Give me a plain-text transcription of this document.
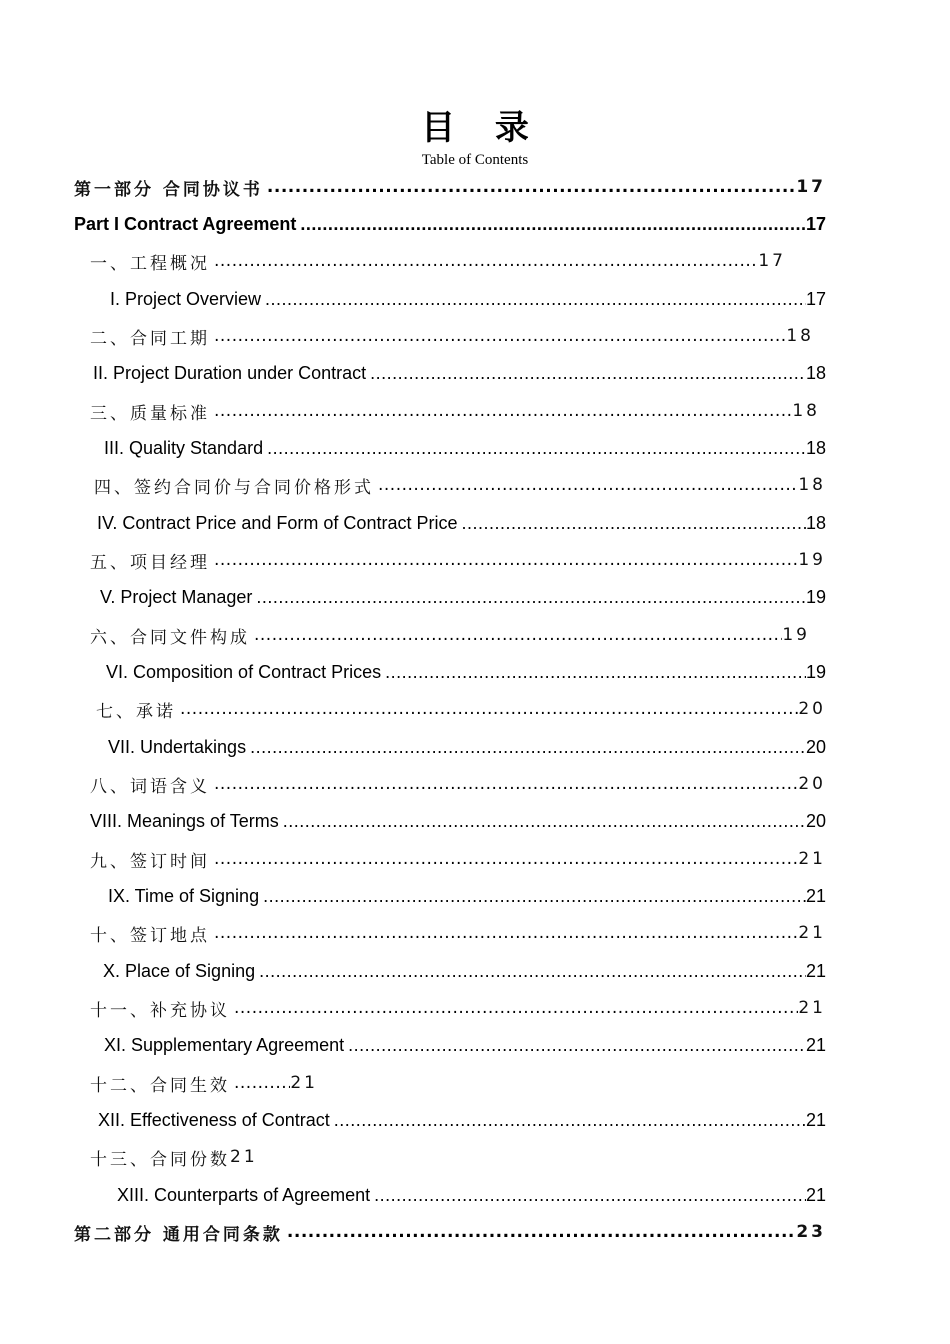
目 录
Table of Contents
第一部分 合同协议书 .....	17
Part I Contract Agreement .....	17
一、工程概况 .....	17
I. Project Overview .....	17
二、合同工期 .....	18
II. Project Duration under Contract .....	18
三、质量标准 .....	18
III. Quality Standard .....	18
四、签约合同价与合同价格形式 .....	18
IV. Contract Price and Form of Contract Price .....	18
五、项目经理 .....	19
V. Project Manager .....	19
六、合同文件构成 .....	19
VI. Composition of Contract Prices .....	19
七、承诺 .....	20
VII. Undertakings .....	20
八、词语含义 .....	20
VIII. Meanings of Terms .....	20
九、签订时间 .....	21
IX. Time of Signing .....	21
十、签订地点 .....	21
X. Place of Signing .....	21
十一、补充协议 .....	21
XI. Supplementary Agreement .....	21
十二、合同生效 .....	21
XII. Effectiveness of Contract .....	21
十三、合同份数 21
XIII. Counterparts of Agreement .....	21
第二部分 通用合同条款 .....	23
